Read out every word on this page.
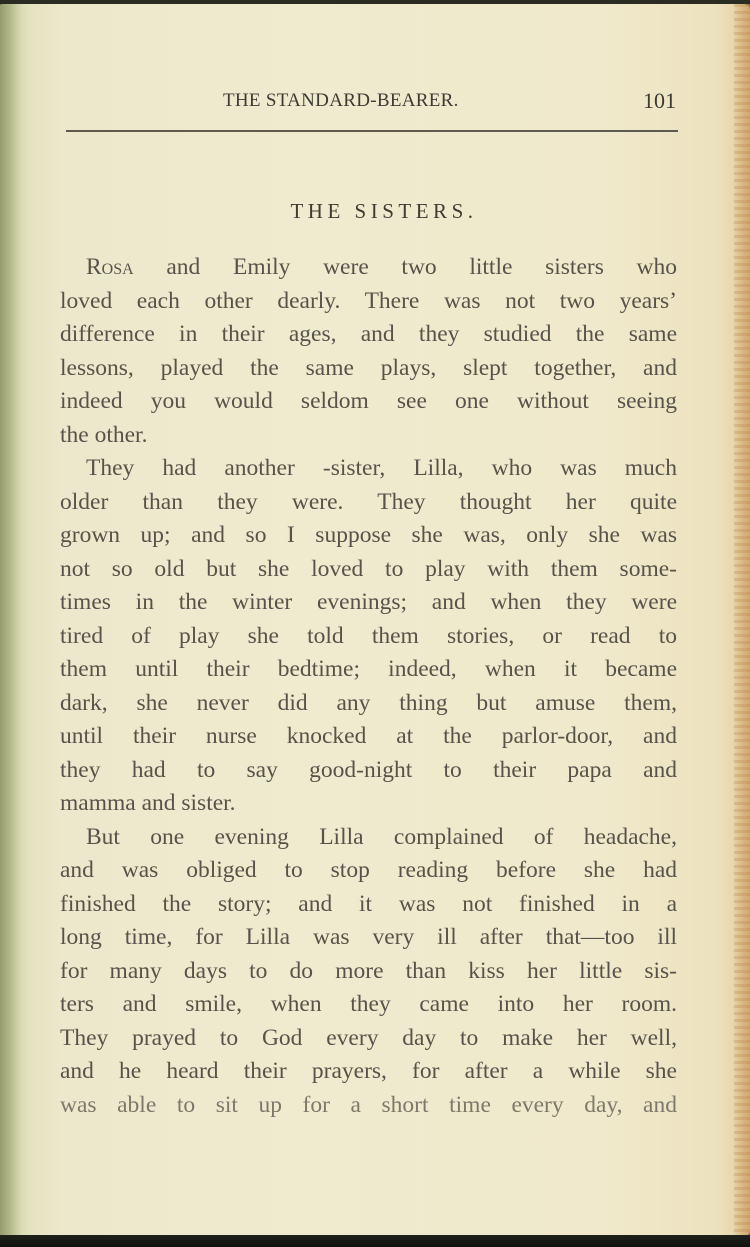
THE STANDARD-BEARER.	101
THE SISTERS.
Rosa and Emily were two little sisters who
loved each other dearly. There was not two years’
difference in their ages, and they studied the same
lessons, played the same plays, slept together, and
indeed you would seldom see one without seeing
the other.
They had another -sister, Lilla, who was much
older than they were. They thought her quite
grown up; and so I suppose she was, only she was
not so old but she loved to play with them some-
times in the winter evenings; and when they were
tired of play she told them stories, or read to
them until their bedtime; indeed, when it became
dark, she never did any thing but amuse them,
until their nurse knocked at the parlor-door, and
they had to say good-night to their papa and
mamma and sister.
But one evening Lilla complained of headache,
and was obliged to stop reading before she had
finished the story; and it was not finished in a
long time, for Lilla was very ill after that—too ill
for many days to do more than kiss her little sis-
ters and smile, when they came into her room.
They prayed to God every day to make her well,
and he heard their prayers, for after a while she
was able to sit up for a short time every day, and
